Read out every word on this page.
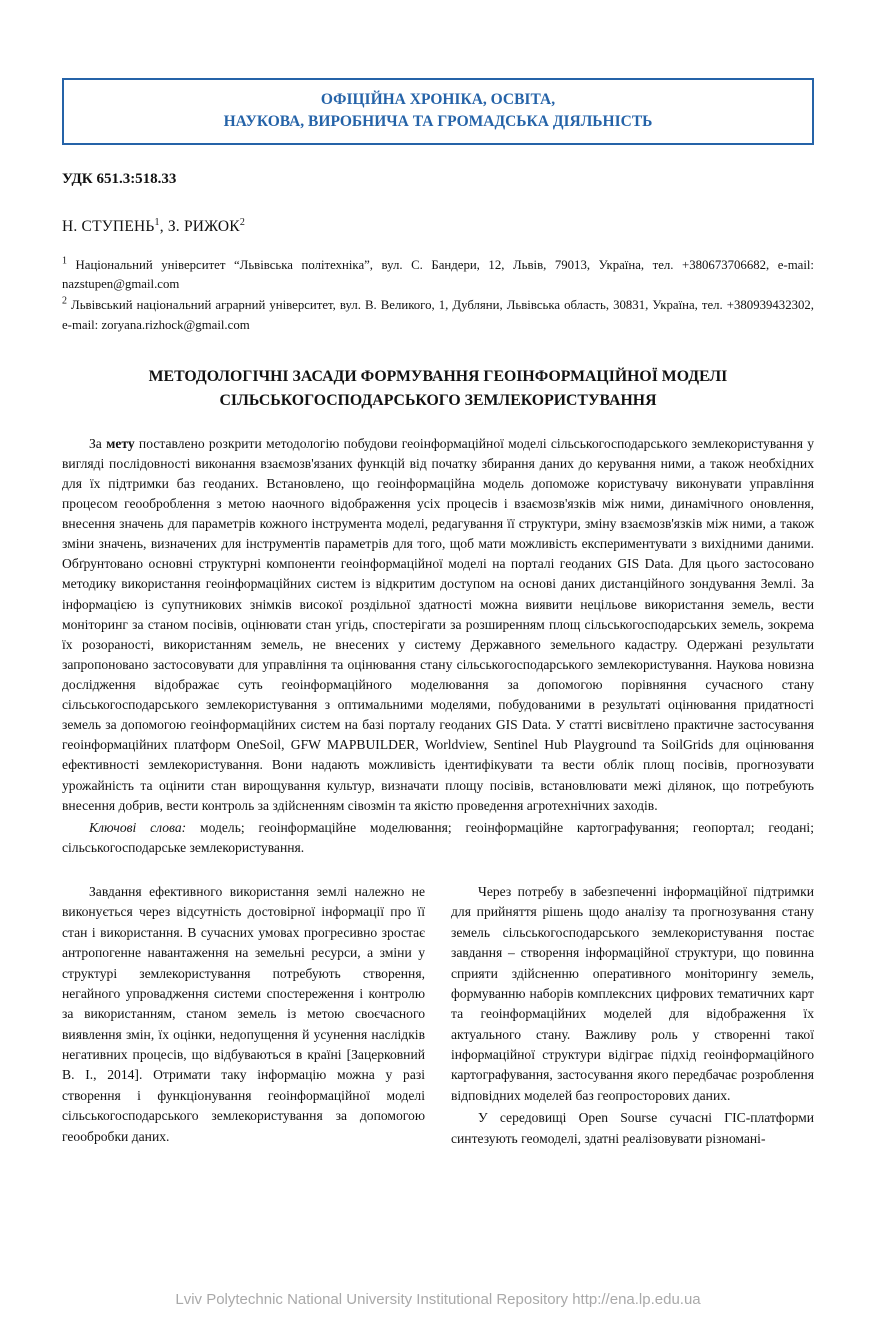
ОФІЦІЙНА ХРОНІКА, ОСВІТА,
НАУКОВА, ВИРОБНИЧА ТА ГРОМАДСЬКА ДІЯЛЬНІСТЬ

УДК 651.3:518.33

Н. СТУПЕНЬ$^1$, З. РИЖОК$^2$

$^1$ Національний університет “Львівська політехніка”, вул. С. Бандери, 12, Львів, 79013, Україна, тел. +380673706682, e-mail: nazstupen@gmail.com

$^2$ Львівський національний аграрний університет, вул. В. Великого, 1, Дубляни, Львівська область, 30831, Україна, тел. +380939432302, e-mail: zoryana.rizhock@gmail.com

МЕТОДОЛОГІЧНІ ЗАСАДИ ФОРМУВАННЯ ГЕОІНФОРМАЦІЙНОЇ МОДЕЛІ
СІЛЬСЬКОГОСПОДАРСЬКОГО ЗЕМЛЕКОРИСТУВАННЯ

За мету поставлено розкрити методологію побудови геоінформаційної моделі сільськогосподарського землекористування у вигляді послідовності виконання взаємозв'язаних функцій від початку збирання даних до керування ними, а також необхідних для їх підтримки баз геоданих. Встановлено, що геоінформаційна модель допоможе користувачу виконувати управління процесом геооброблення з метою наочного відображення усіх процесів і взаємозв'язків між ними, динамічного оновлення, внесення значень для параметрів кожного інструмента моделі, редагування її структури, зміну взаємозв'язків між ними, а також зміни значень, визначених для інструментів параметрів для того, щоб мати можливість експериментувати з вихідними даними. Обґрунтовано основні структурні компоненти геоінформаційної моделі на порталі геоданих GIS Data. Для цього застосовано методику використання геоінформаційних систем із відкритим доступом на основі даних дистанційного зондування Землі. За інформацією із супутникових знімків високої роздільної здатності можна виявити нецільове використання земель, вести моніторинг за станом посівів, оцінювати стан угідь, спостерігати за розширенням площ сільськогосподарських земель, зокрема їх розораності, використанням земель, не внесених у систему Державного земельного кадастру. Одержані результати запропоновано застосовувати для управління та оцінювання стану сільськогосподарського землекористування. Наукова новизна дослідження відображає суть геоінформаційного моделювання за допомогою порівняння сучасного стану сільськогосподарського землекористування з оптимальними моделями, побудованими в результаті оцінювання придатності земель за допомогою геоінформаційних систем на базі порталу геоданих GIS Data. У статті висвітлено практичне застосування геоінформаційних платформ OneSoil, GFW MAPBUILDER, Worldview, Sentinel Hub Playground та SoilGrids для оцінювання ефективності землекористування. Вони надають можливість ідентифікувати та вести облік площ посівів, прогнозувати урожайність та оцінити стан вирощування культур, визначати площу посівів, встановлювати межі ділянок, що потребують внесення добрив, вести контроль за здійсненням сівозмін та якістю проведення агротехнічних заходів.

Ключові слова: модель; геоінформаційне моделювання; геоінформаційне картографування; геопортал; геодані; сільськогосподарське землекористування.

Завдання ефективного використання землі належно не виконується через відсутність достовірної інформації про її стан і використання. В сучасних умовах прогресивно зростає антропогенне навантаження на земельні ресурси, а зміни у структурі землекористування потребують створення, негайного упровадження системи спостереження і контролю за використанням, станом земель із метою своєчасного виявлення змін, їх оцінки, недопущення й усунення наслідків негативних процесів, що відбуваються в країні [Зацерковний В. І., 2014]. Отримати таку інформацію можна у разі створення і функціонування геоінформаційної моделі сільськогосподарського землекористування за допомогою геообробки даних.

Через потребу в забезпеченні інформаційної підтримки для прийняття рішень щодо аналізу та прогнозування стану земель сільськогосподарського землекористування постає завдання – створення інформаційної структури, що повинна сприяти здійсненню оперативного моніторингу земель, формуванню наборів комплексних цифрових тематичних карт та геоінформаційних моделей для відображення їх актуального стану. Важливу роль у створенні такої інформаційної структури відіграє підхід геоінформаційного картографування, застосування якого передбачає розроблення відповідних моделей баз геопросторових даних.

У середовищі Open Sourse сучасні ГІС-платформи синтезують геомоделі, здатні реалізовувати різномані-

Lviv Polytechnic National University Institutional Repository http://ena.lp.edu.ua
